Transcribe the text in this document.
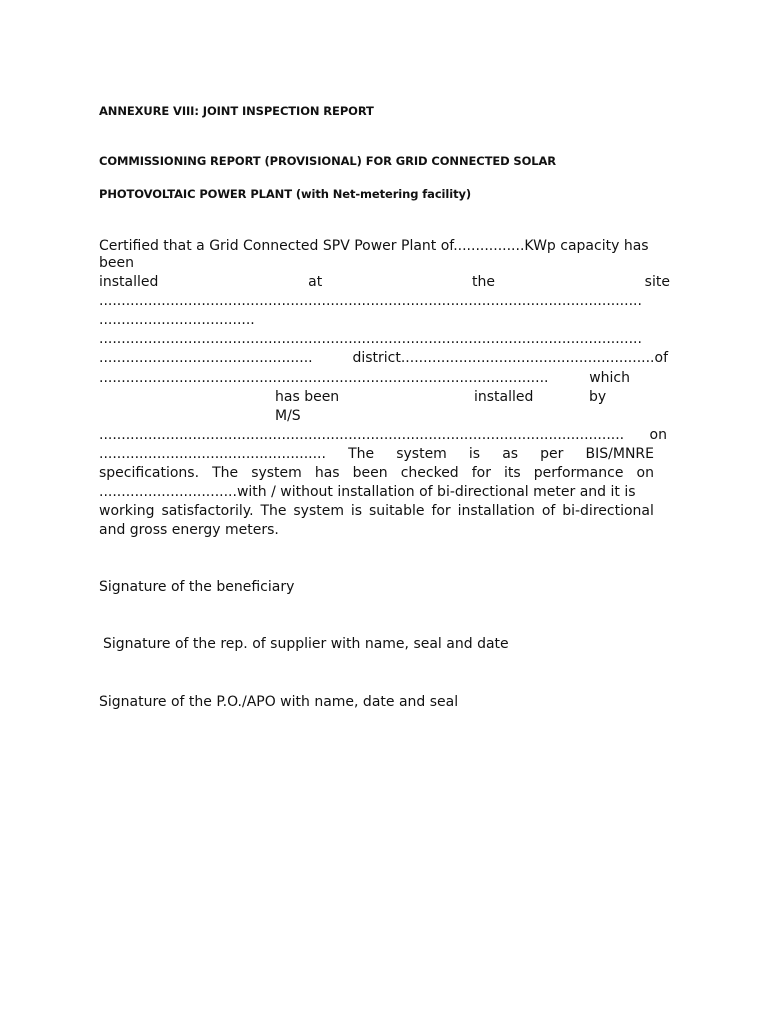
ANNEXURE VIII: JOINT INSPECTION REPORT
COMMISSIONING REPORT (PROVISIONAL) FOR GRID CONNECTED SOLAR
PHOTOVOLTAIC POWER PLANT (with Net-metering facility)
Certified that a Grid Connected SPV Power Plant of................KWp capacity has
been
installed	at	the	site
..........................................................................................................................
...................................
..........................................................................................................................
................................................	district.........................................................of
.....................................................................................................	which
has been	installed	by
M/S
...................................................................................................................... on
................................................... The system is as per BIS/MNRE
specifications. The system has been checked for its performance on
...............................with / without installation of bi-directional meter and it is
working satisfactorily. The system is suitable for installation of bi-directional
and gross energy meters.
Signature of the beneficiary
Signature of the rep. of supplier with name, seal and date
Signature of the P.O./APO with name, date and seal
